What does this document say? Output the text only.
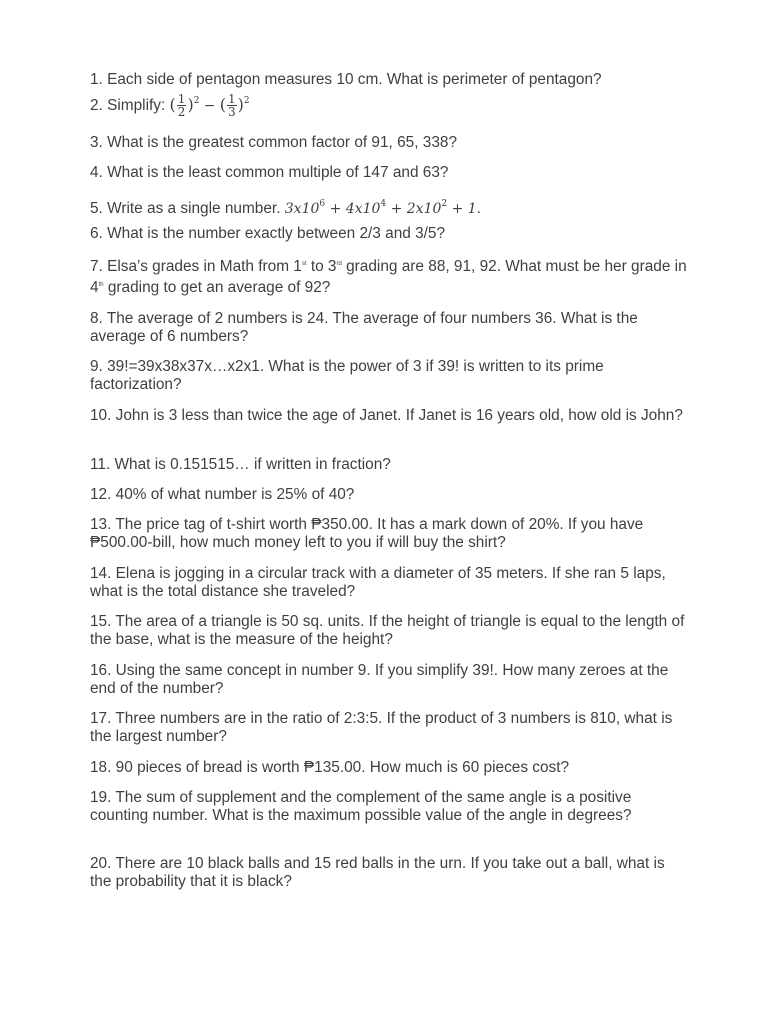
1. Each side of pentagon measures 10 cm. What is perimeter of pentagon?

2. Simplify: ( $\frac{1}{2} )^2$ − ( $\frac{1}{3} )^2$

3. What is the greatest common factor of 91, 65, 338?

4. What is the least common multiple of 147 and 63?

5. Write as a single number. $3x10^6 + 4x10^4 + 2x10^2 + 1$.

6. What is the number exactly between 2/3 and 3/5?

7. Elsa’s grades in Math from 1st to 3rd grading are 88, 91, 92. What must be her grade in 4th grading to get an average of 92?

8. The average of 2 numbers is 24. The average of four numbers 36. What is the average of 6 numbers?

9. 39!=39x38x37x…x2x1. What is the power of 3 if 39! is written to its prime factorization?

10. John is 3 less than twice the age of Janet. If Janet is 16 years old, how old is John?

11. What is 0.151515… if written in fraction?

12. 40% of what number is 25% of 40?

13. The price tag of t-shirt worth ₱350.00. It has a mark down of 20%. If you have ₱500.00-bill, how much money left to you if will buy the shirt?

14. Elena is jogging in a circular track with a diameter of 35 meters. If she ran 5 laps, what is the total distance she traveled?

15. The area of a triangle is 50 sq. units. If the height of triangle is equal to the length of the base, what is the measure of the height?

16. Using the same concept in number 9. If you simplify 39!. How many zeroes at the end of the number?

17. Three numbers are in the ratio of 2:3:5. If the product of 3 numbers is 810, what is the largest number?

18. 90 pieces of bread is worth ₱135.00. How much is 60 pieces cost?

19. The sum of supplement and the complement of the same angle is a positive counting number. What is the maximum possible value of the angle in degrees?

20. There are 10 black balls and 15 red balls in the urn. If you take out a ball, what is the probability that it is black?
